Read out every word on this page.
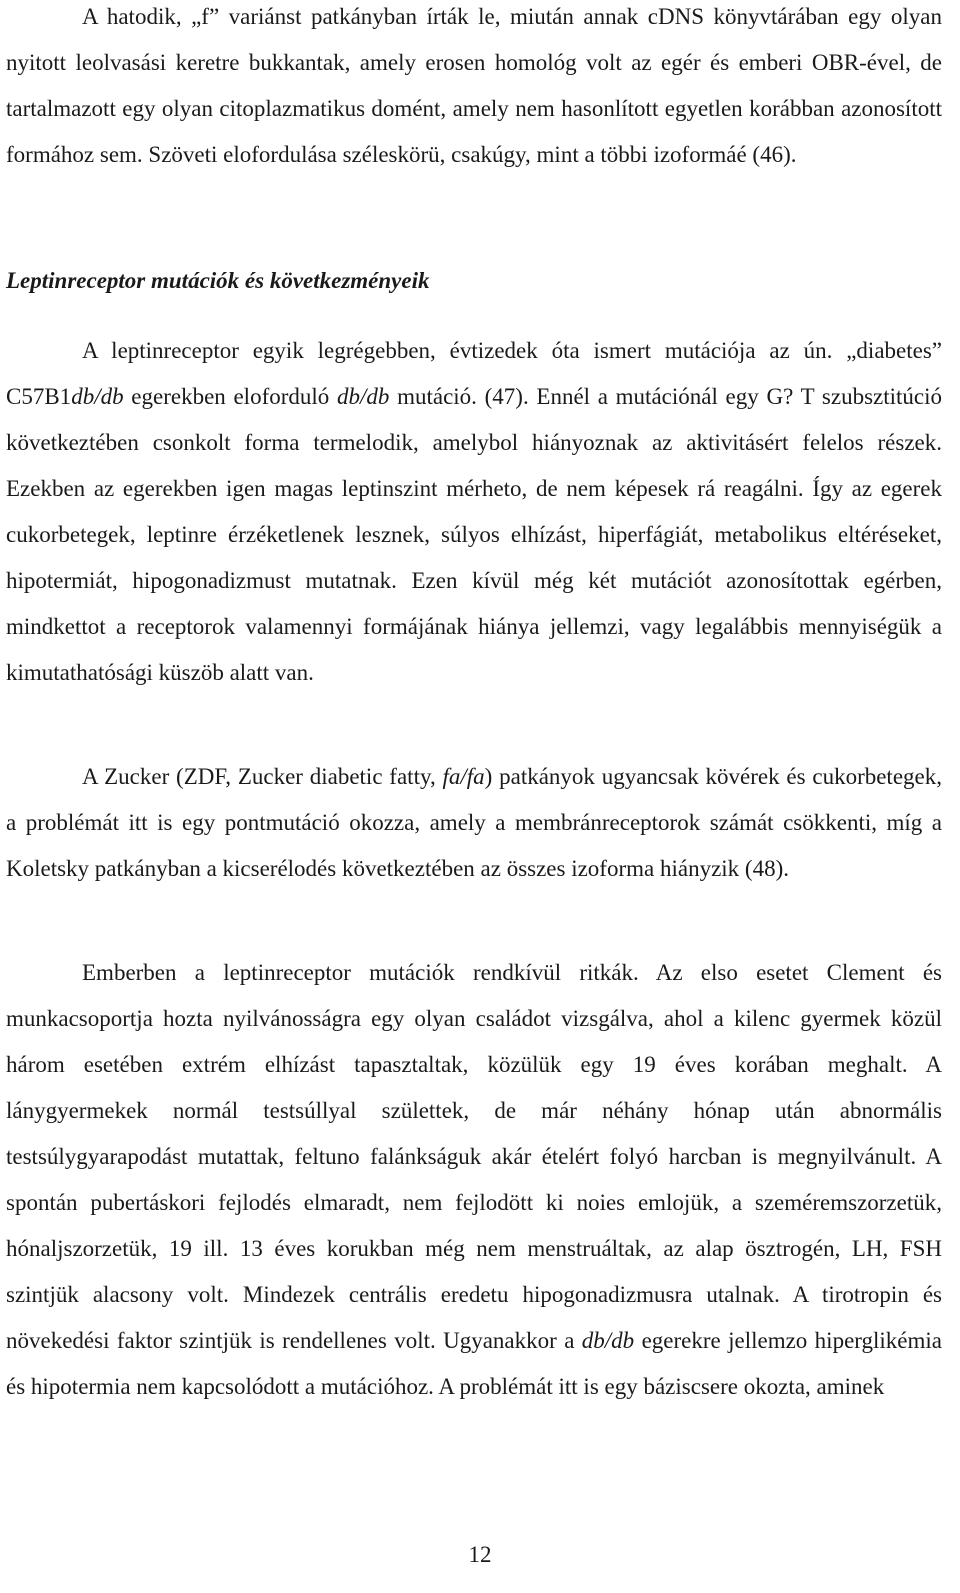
A hatodik, „f” variánst patkányban írták le, miután annak cDNS könyvtárában egy olyan nyitott leolvasási keretre bukkantak, amely erosen homológ volt az egér és emberi OBR-ével, de tartalmazott egy olyan citoplazmatikus domént, amely nem hasonlított egyetlen korábban azonosított formához sem. Szöveti elofordulása széleskörü, csakúgy, mint a többi izoformáé (46).
Leptinreceptor mutációk és következményeik
A leptinreceptor egyik legrégebben, évtizedek óta ismert mutációja az ún. „diabetes” C57B1db/db egerekben eloforduló db/db mutáció. (47). Ennél a mutációnál egy G? T szubsztitúció következtében csonkolt forma termelodik, amelybol hiányoznak az aktivitásért felelos részek. Ezekben az egerekben igen magas leptinszint mérheto, de nem képesek rá reagálni. Így az egerek cukorbetegek, leptinre érzéketlenek lesznek, súlyos elhízást, hiperfágiát, metabolikus eltéréseket, hipotermiát, hipogonadizmust mutatnak. Ezen kívül még két mutációt azonosítottak egérben, mindkettot a receptorok valamennyi formájának hiánya jellemzi, vagy legalábbis mennyiségük a kimutathatósági küszöb alatt van.
A Zucker (ZDF, Zucker diabetic fatty, fa/fa) patkányok ugyancsak kövérek és cukorbetegek, a problémát itt is egy pontmutáció okozza, amely a membránreceptorok számát csökkenti, míg a Koletsky patkányban a kicserélodés következtében az összes izoforma hiányzik (48).
Emberben a leptinreceptor mutációk rendkívül ritkák. Az elso esetet Clement és munkacsoportja hozta nyilvánosságra egy olyan családot vizsgálva, ahol a kilenc gyermek közül három esetében extrém elhízást tapasztaltak, közülük egy 19 éves korában meghalt. A lánygyermekek normál testsúllyal születtek, de már néhány hónap után abnormális testsúlygyarapodást mutattak, feltuno falánkságuk akár ételért folyó harcban is megnyilvánult. A spontán pubertáskori fejlodés elmaradt, nem fejlodött ki noies emlojük, a szeméremszorzetük, hónaljszorzetük, 19 ill. 13 éves korukban még nem menstruáltak, az alap ösztrogén, LH, FSH szintjük alacsony volt. Mindezek centrális eredetu hipogonadizmusra utalnak. A tirotropin és növekedési faktor szintjük is rendellenes volt. Ugyanakkor a db/db egerekre jellemzo hiperglikémia és hipotermia nem kapcsolódott a mutációhoz. A problémát itt is egy báziscsere okozta, aminek
12
